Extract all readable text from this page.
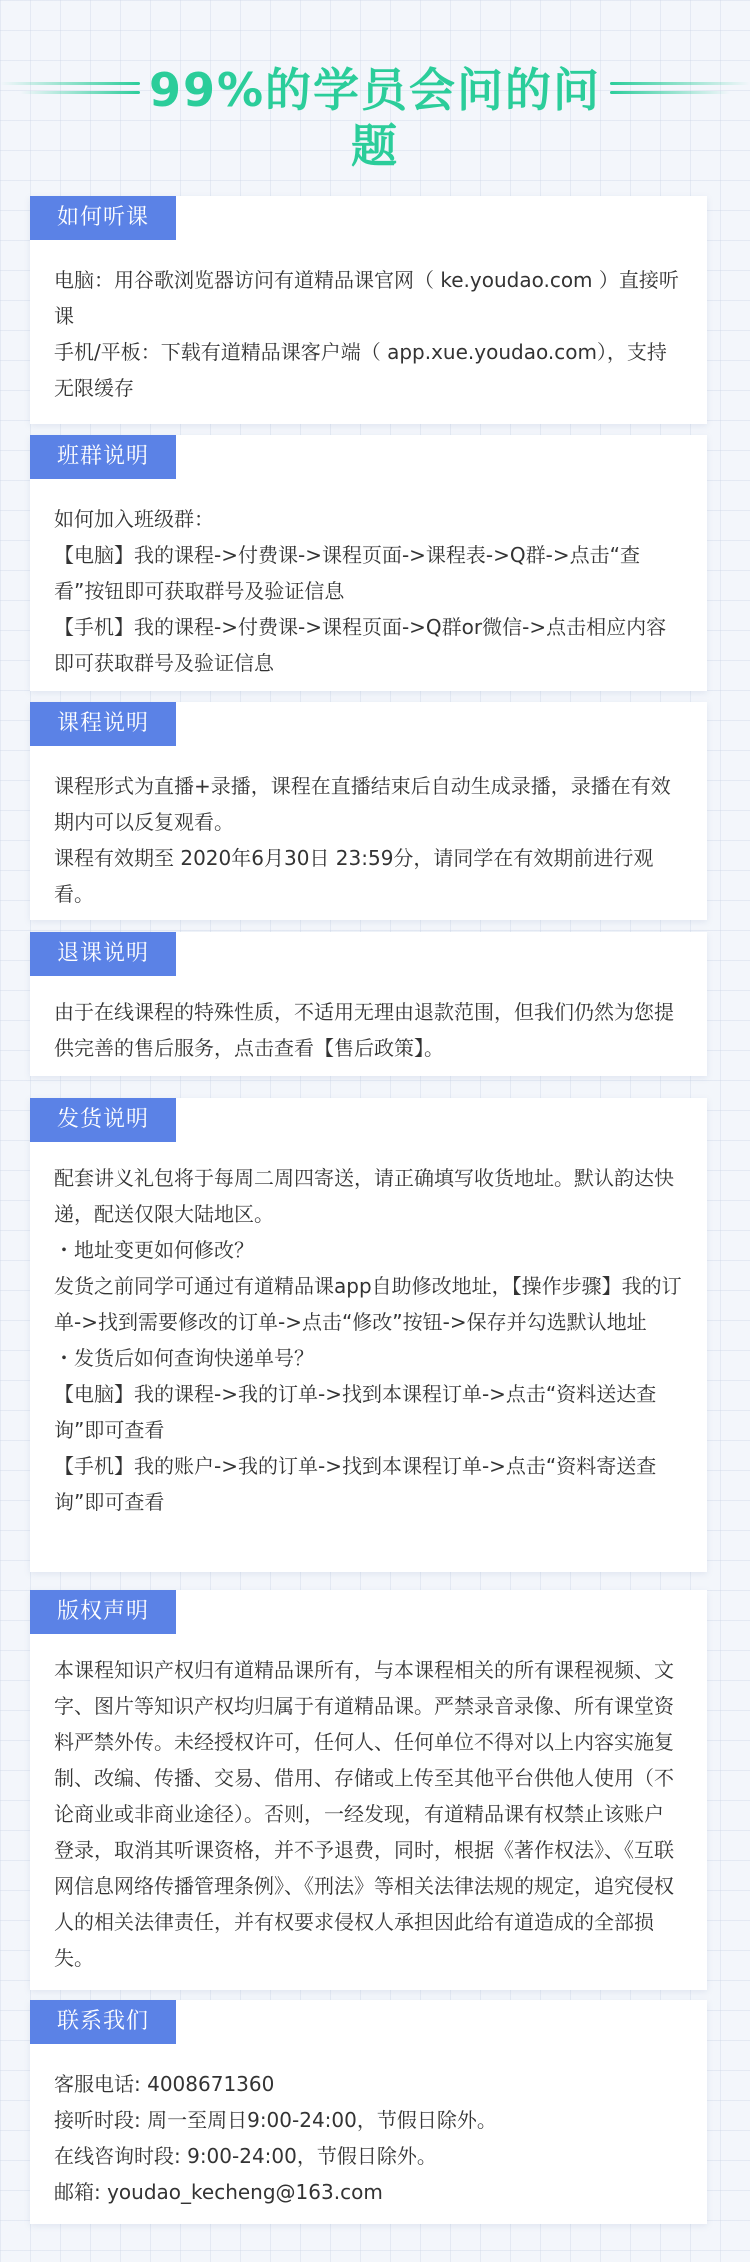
99%的学员会问的问题
如何听课

电脑：用谷歌浏览器访问有道精品课官网（ ke.youdao.com ）直接听课

手机/平板：下载有道精品课客户端（ app.xue.youdao.com），支持无限缓存

班群说明

如何加入班级群：

【电脑】我的课程->付费课->课程页面->课程表->Q群->点击“查看”按钮即可获取群号及验证信息

【手机】我的课程->付费课->课程页面->Q群or微信->点击相应内容即可获取群号及验证信息

课程说明

课程形式为直播+录播，课程在直播结束后自动生成录播，录播在有效期内可以反复观看。

课程有效期至 2020年6月30日 23:59分，请同学在有效期前进行观看。

退课说明

由于在线课程的特殊性质，不适用无理由退款范围，但我们仍然为您提供完善的售后服务，点击查看【售后政策】。

发货说明

配套讲义礼包将于每周二周四寄送，请正确填写收货地址。默认韵达快递，配送仅限大陆地区。

・地址变更如何修改？

发货之前同学可通过有道精品课app自助修改地址，【操作步骤】我的订单->找到需要修改的订单->点击“修改”按钮->保存并勾选默认地址

・发货后如何查询快递单号？

【电脑】我的课程->我的订单->找到本课程订单->点击“资料送达查询”即可查看

【手机】我的账户->我的订单->找到本课程订单->点击“资料寄送查询”即可查看

版权声明

本课程知识产权归有道精品课所有，与本课程相关的所有课程视频、文字、图片等知识产权均归属于有道精品课。严禁录音录像、所有课堂资料严禁外传。未经授权许可，任何人、任何单位不得对以上内容实施复制、改编、传播、交易、借用、存储或上传至其他平台供他人使用（不论商业或非商业途径）。否则，一经发现，有道精品课有权禁止该账户登录，取消其听课资格，并不予退费，同时，根据《著作权法》、《互联网信息网络传播管理条例》、《刑法》等相关法律法规的规定，追究侵权人的相关法律责任，并有权要求侵权人承担因此给有道造成的全部损失。

联系我们

客服电话: 4008671360

接听时段: 周一至周日9:00-24:00，节假日除外。

在线咨询时段: 9:00-24:00，节假日除外。

邮箱: youdao_kecheng@163.com
